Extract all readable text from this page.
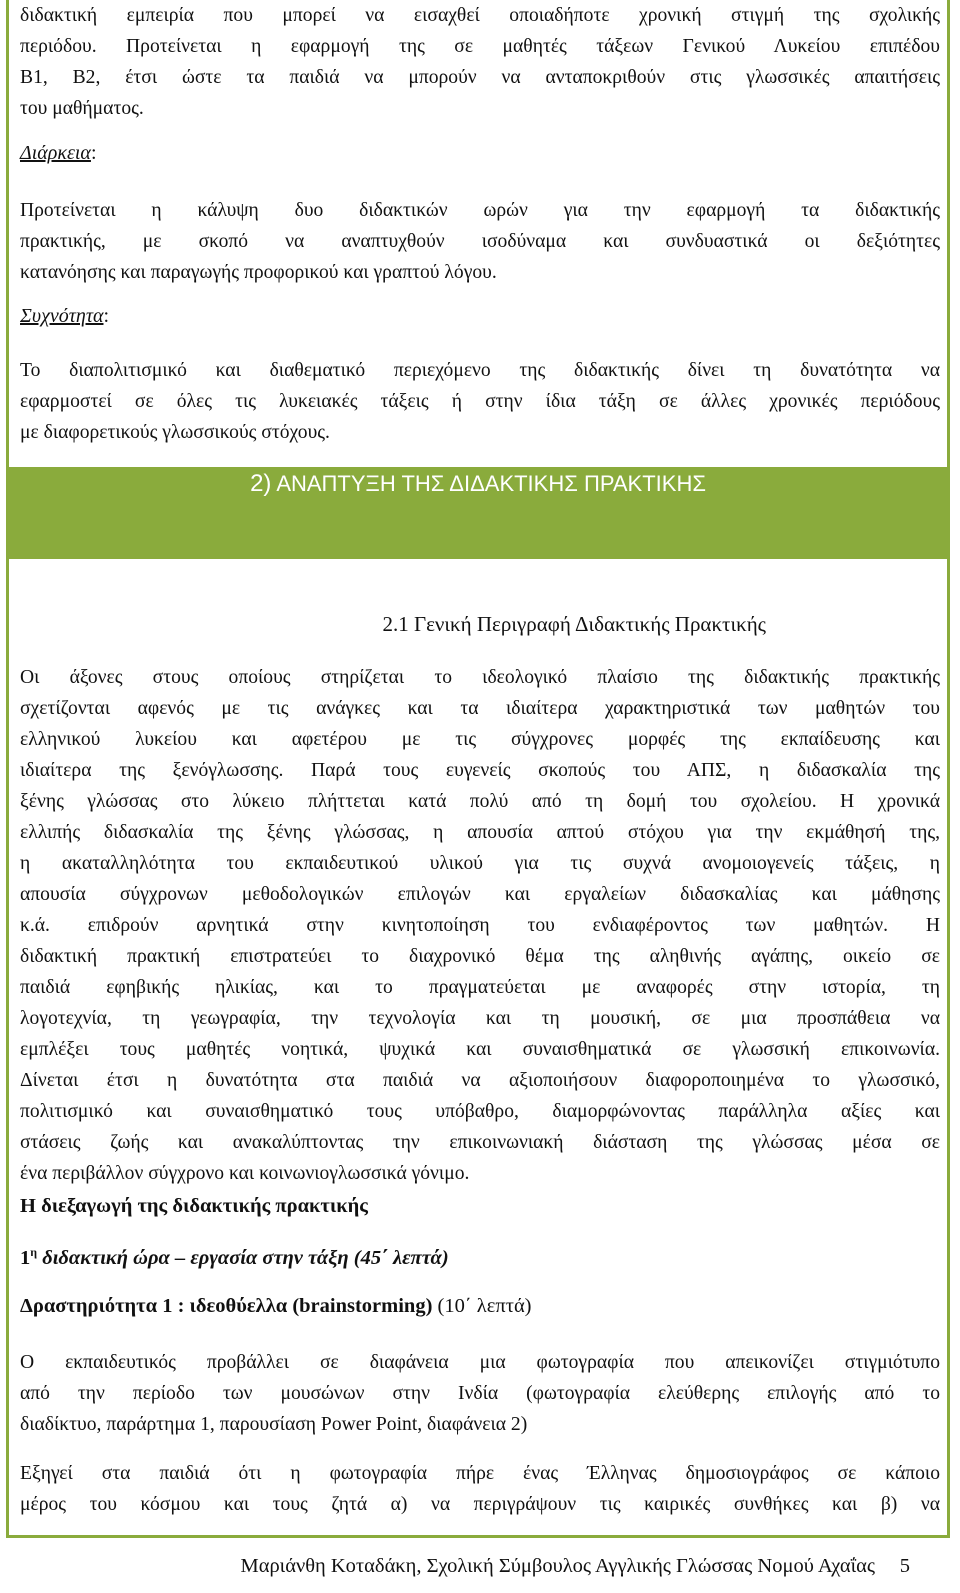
διδακτική εμπειρία που μπορεί να εισαχθεί οποιαδήποτε χρονική στιγμή της σχολικής
περιόδου. Προτείνεται η εφαρμογή της σε μαθητές τάξεων Γενικού Λυκείου επιπέδου
Β1, Β2, έτσι ώστε τα παιδιά να μπορούν να ανταποκριθούν στις γλωσσικές απαιτήσεις
του μαθήματος.

Διάρκεια:

Προτείνεται η κάλυψη δυο διδακτικών ωρών για την εφαρμογή τα διδακτικής
πρακτικής, με σκοπό να αναπτυχθούν ισοδύναμα και συνδυαστικά οι δεξιότητες
κατανόησης και παραγωγής προφορικού και γραπτού λόγου.

Συχνότητα:

Το διαπολιτισμικό και διαθεματικό περιεχόμενο της διδακτικής δίνει τη δυνατότητα να
εφαρμοστεί σε όλες τις λυκειακές τάξεις ή στην ίδια τάξη σε άλλες χρονικές περιόδους
με διαφορετικούς γλωσσικούς στόχους.
2) ΑΝΑΠΤΥΞΗ ΤΗΣ ΔΙΔΑΚΤΙΚΗΣ ΠΡΑΚΤΙΚΗΣ
2.1 Γενική Περιγραφή Διδακτικής Πρακτικής
Οι άξονες στους οποίους στηρίζεται το ιδεολογικό πλαίσιο της διδακτικής πρακτικής
σχετίζονται αφενός με τις ανάγκες και τα ιδιαίτερα χαρακτηριστικά των μαθητών του
ελληνικού λυκείου και αφετέρου με τις σύγχρονες μορφές της εκπαίδευσης και
ιδιαίτερα της ξενόγλωσσης. Παρά τους ευγενείς σκοπούς του ΑΠΣ, η διδασκαλία της
ξένης γλώσσας στο λύκειο πλήττεται κατά πολύ από τη δομή του σχολείου. Η χρονικά
ελλιπής διδασκαλία της ξένης γλώσσας, η απουσία απτού στόχου για την εκμάθησή της,
η ακαταλληλότητα του εκπαιδευτικού υλικού για τις συχνά ανομοιογενείς τάξεις, η
απουσία σύγχρονων μεθοδολογικών επιλογών και εργαλείων διδασκαλίας και μάθησης
κ.ά. επιδρούν αρνητικά στην κινητοποίηση του ενδιαφέροντος των μαθητών. Η
διδακτική πρακτική επιστρατεύει το διαχρονικό θέμα της αληθινής αγάπης, οικείο σε
παιδιά εφηβικής ηλικίας, και το πραγματεύεται με αναφορές στην ιστορία, τη
λογοτεχνία, τη γεωγραφία, την τεχνολογία και τη μουσική, σε μια προσπάθεια να
εμπλέξει τους μαθητές νοητικά, ψυχικά και συναισθηματικά σε γλωσσική επικοινωνία.
Δίνεται έτσι η δυνατότητα στα παιδιά να αξιοποιήσουν διαφοροποιημένα το γλωσσικό,
πολιτισμικό και συναισθηματικό τους υπόβαθρο, διαμορφώνοντας παράλληλα αξίες και
στάσεις ζωής και ανακαλύπτοντας την επικοινωνιακή διάσταση της γλώσσας μέσα σε
ένα περιβάλλον σύγχρονο και κοινωνιογλωσσικά γόνιμο.

Η διεξαγωγή της διδακτικής πρακτικής

$1^\eta$ διδακτική ώρα – εργασία στην τάξη (45΄ λεπτά)

Δραστηριότητα 1 : ιδεοθύελλα (brainstorming) (10΄ λεπτά)

Ο εκπαιδευτικός προβάλλει σε διαφάνεια μια φωτογραφία που απεικονίζει στιγμιότυπο
από την περίοδο των μουσώνων στην Ινδία (φωτογραφία ελεύθερης επιλογής από το
διαδίκτυο, παράρτημα 1, παρουσίαση Power Point, διαφάνεια 2)
Εξηγεί στα παιδιά ότι η φωτογραφία πήρε ένας Έλληνας δημοσιογράφος σε κάποιο
μέρος του κόσμου και τους ζητά α) να περιγράψουν τις καιρικές συνθήκες και β) να
Μαριάνθη Κοταδάκη, Σχολική Σύμβουλος Αγγλικής Γλώσσας Νομού Αχαΐας 5
